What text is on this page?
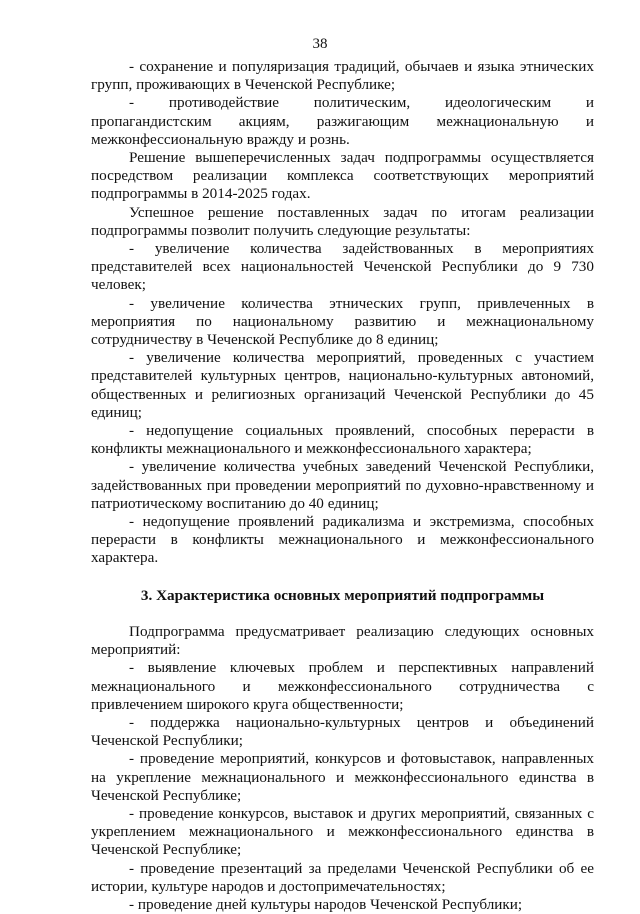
38

- сохранение и популяризация традиций, обычаев и языка этнических групп, проживающих в Чеченской Республике;

- противодействие политическим, идеологическим и пропагандистским акциям, разжигающим межнациональную и межконфессиональную вражду и рознь.

Решение вышеперечисленных задач подпрограммы осуществляется посредством реализации комплекса соответствующих мероприятий подпрограммы в 2014-2025 годах.

Успешное решение поставленных задач по итогам реализации подпрограммы позволит получить следующие результаты:

- увеличение количества задействованных в мероприятиях представителей всех национальностей Чеченской Республики до 9 730 человек;

- увеличение количества этнических групп, привлеченных в мероприятия по национальному развитию и межнациональному сотрудничеству в Чеченской Республике до 8 единиц;

- увеличение количества мероприятий, проведенных с участием представителей культурных центров, национально-культурных автономий, общественных и религиозных организаций Чеченской Республики до 45 единиц;

- недопущение социальных проявлений, способных перерасти в конфликты межнационального и межконфессионального характера;

- увеличение количества учебных заведений Чеченской Республики, задействованных при проведении мероприятий по духовно-нравственному и патриотическому воспитанию до 40 единиц;

- недопущение проявлений радикализма и экстремизма, способных перерасти в конфликты межнационального и межконфессионального характера.

3. Характеристика основных мероприятий подпрограммы

Подпрограмма предусматривает реализацию следующих основных мероприятий:

- выявление ключевых проблем и перспективных направлений межнационального и межконфессионального сотрудничества с привлечением широкого круга общественности;

- поддержка национально-культурных центров и объединений Чеченской Республики;

- проведение мероприятий, конкурсов и фотовыставок, направленных на укрепление межнационального и межконфессионального единства в Чеченской Республике;

- проведение конкурсов, выставок и других мероприятий, связанных с укреплением межнационального и межконфессионального единства в Чеченской Республике;

- проведение презентаций за пределами Чеченской Республики об ее истории, культуре народов и достопримечательностях;

- проведение дней культуры народов Чеченской Республики;
